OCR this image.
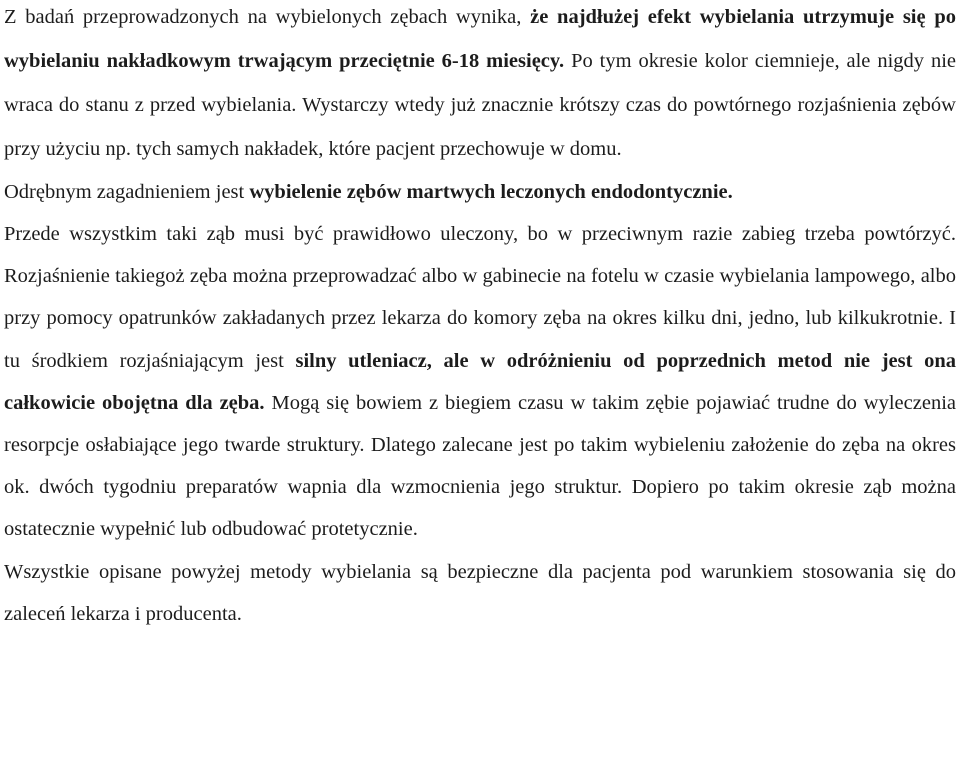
Z badań przeprowadzonych na wybielonych zębach wynika, że najdłużej efekt wybielania utrzymuje się po wybielaniu nakładkowym trwającym przeciętnie 6-18 miesięcy. Po tym okresie kolor ciemnieje, ale nigdy nie wraca do stanu z przed wybielania. Wystarczy wtedy już znacznie krótszy czas do powtórnego rozjaśnienia zębów przy użyciu np. tych samych nakładek, które pacjent przechowuje w domu.

Odrębnym zagadnieniem jest wybielenie zębów martwych leczonych endodontycznie.

Przede wszystkim taki ząb musi być prawidłowo uleczony, bo w przeciwnym razie zabieg trzeba powtórzyć. Rozjaśnienie takiegoż zęba można przeprowadzać albo w gabinecie na fotelu w czasie wybielania lampowego, albo przy pomocy opatrunków zakładanych przez lekarza do komory zęba na okres kilku dni, jedno, lub kilkukrotnie. I tu środkiem rozjaśniającym jest silny utleniacz, ale w odróżnieniu od poprzednich metod nie jest ona całkowicie obojętna dla zęba. Mogą się bowiem z biegiem czasu w takim zębie pojawiać trudne do wyleczenia resorpcje osłabiające jego twarde struktury. Dlatego zalecane jest po takim wybieleniu założenie do zęba na okres ok. dwóch tygodniu preparatów wapnia dla wzmocnienia jego struktur. Dopiero po takim okresie ząb można ostatecznie wypełnić lub odbudować protetycznie.

Wszystkie opisane powyżej metody wybielania są bezpieczne dla pacjenta pod warunkiem stosowania się do zaleceń lekarza i producenta.
